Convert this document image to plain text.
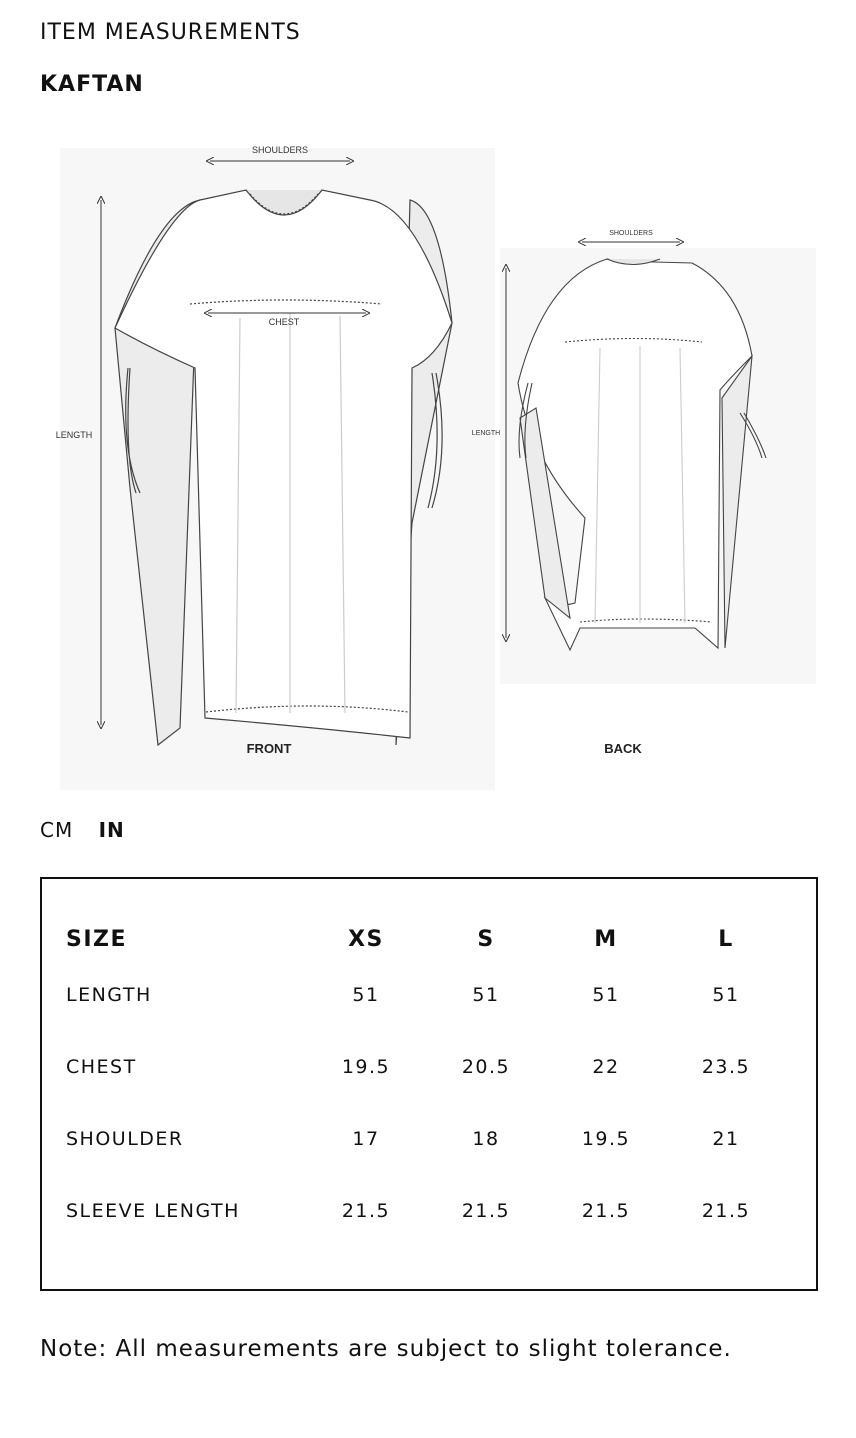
ITEM MEASUREMENTS
KAFTAN
SHOULDERS
CHEST
LENGTH
FRONT
SHOULDERS
LENGTH
BACK
CM IN
SIZE	XS	S	M	L
LENGTH	51	51	51	51
CHEST	19.5	20.5	22	23.5
SHOULDER	17	18	19.5	21
SLEEVE LENGTH	21.5	21.5	21.5	21.5

Note: All measurements are subject to slight tolerance.
